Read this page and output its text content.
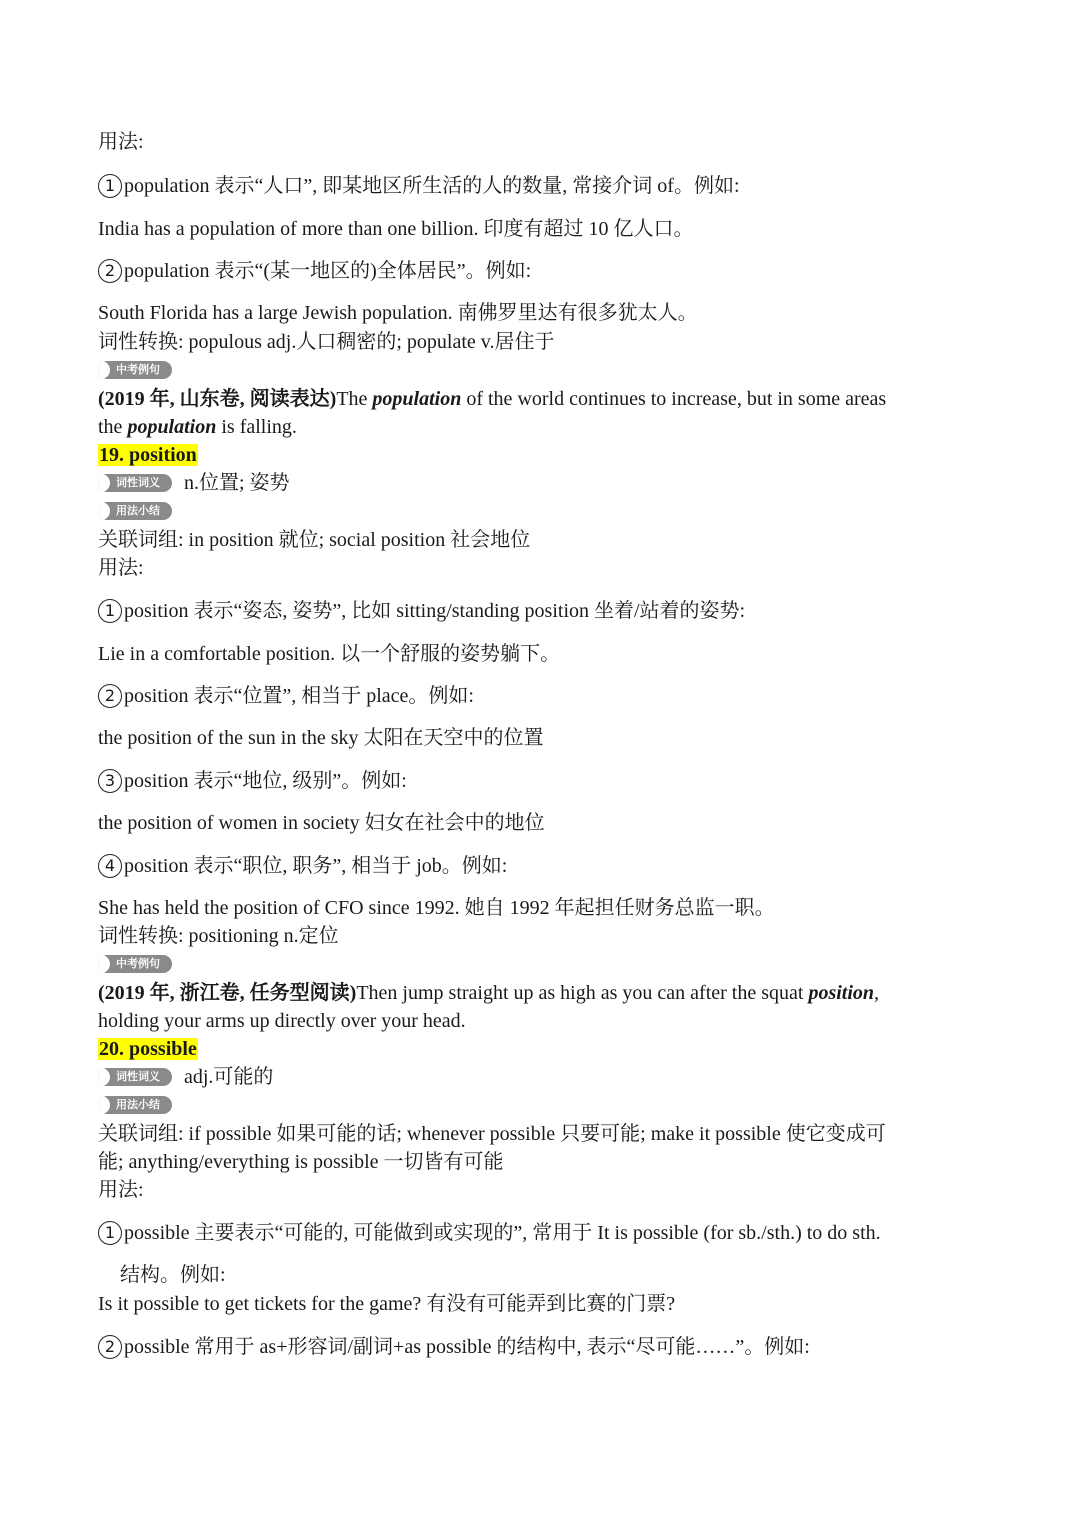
用法:
1 population 表示“人口”, 即某地区所生活的人的数量, 常接介词 of。例如:
India has a population of more than one billion. 印度有超过 10 亿人口。
2 population 表示“(某一地区的)全体居民”。例如:
South Florida has a large Jewish population. 南佛罗里达有很多犹太人。
词性转换: populous adj.人口稠密的; populate v.居住于
中考例句
(2019 年, 山东卷, 阅读表达)The population of the world continues to increase, but in some areas
the population is falling.
19. position
词性词义	n.位置; 姿势
用法小结
关联词组: in position 就位; social position 社会地位
用法:
1 position 表示“姿态, 姿势”, 比如 sitting/standing position 坐着/站着的姿势:
Lie in a comfortable position. 以一个舒服的姿势躺下。
2 position 表示“位置”, 相当于 place。例如:
the position of the sun in the sky 太阳在天空中的位置
3 position 表示“地位, 级别”。例如:
the position of women in society 妇女在社会中的地位
4 position 表示“职位, 职务”, 相当于 job。例如:
She has held the position of CFO since 1992. 她自 1992 年起担任财务总监一职。
词性转换: positioning n.定位
中考例句
(2019 年, 浙江卷, 任务型阅读)Then jump straight up as high as you can after the squat position,
holding your arms up directly over your head.
20. possible
词性词义	adj.可能的
用法小结
关联词组: if possible 如果可能的话; whenever possible 只要可能; make it possible 使它变成可
能; anything/everything is possible 一切皆有可能
用法:
1 possible 主要表示“可能的, 可能做到或实现的”, 常用于 It is possible (for sb./sth.) to do sth.
结构。例如:
Is it possible to get tickets for the game? 有没有可能弄到比赛的门票?
2 possible 常用于 as+形容词/副词+as possible 的结构中, 表示“尽可能……”。例如:
